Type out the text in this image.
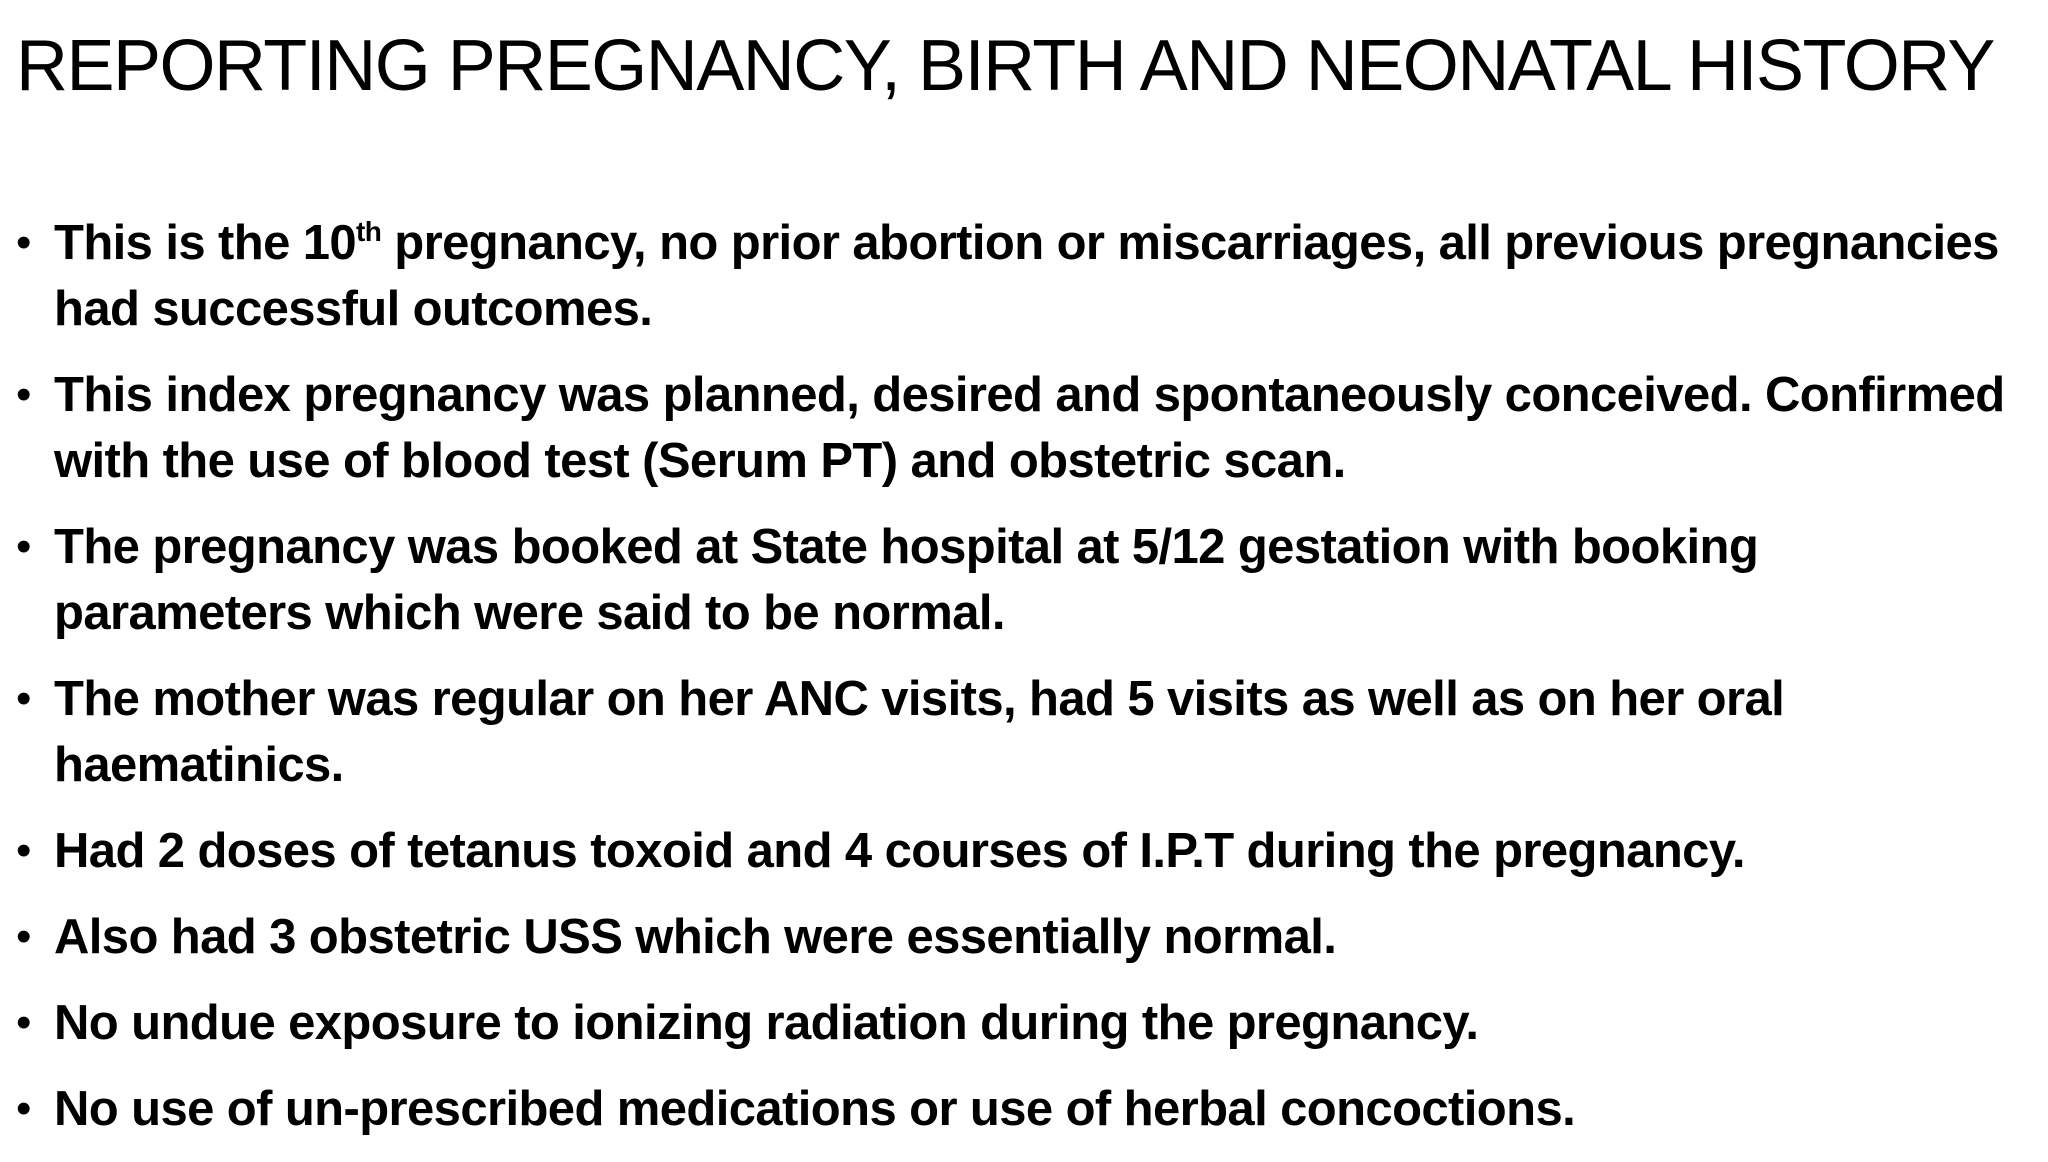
REPORTING PREGNANCY, BIRTH AND NEONATAL HISTORY
• This is the 10th pregnancy, no prior abortion or miscarriages, all previous pregnancies had successful outcomes.
• This index pregnancy was planned, desired and spontaneously conceived. Confirmed with the use of blood test (Serum PT) and obstetric scan.
• The pregnancy was booked at State hospital at 5/12 gestation with booking parameters which were said to be normal.
• The mother was regular on her ANC visits, had 5 visits as well as on her oral haematinics.
• Had 2 doses of tetanus toxoid and 4 courses of I.P.T during the pregnancy.
• Also had 3 obstetric USS which were essentially normal.
• No undue exposure to ionizing radiation during the pregnancy.
• No use of un-prescribed medications or use of herbal concoctions.
